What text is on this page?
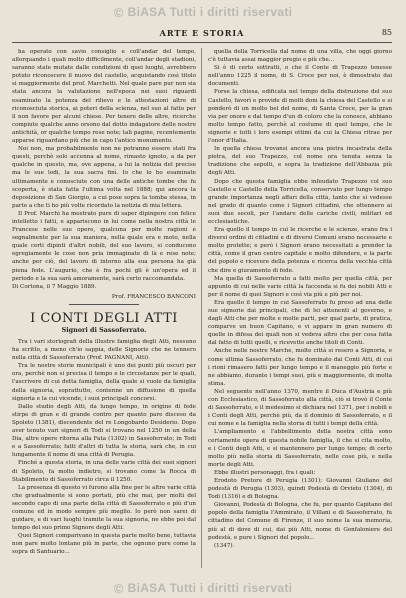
© BiASA Tutti i diritti riservati
ARTE E STORIA	85

ha operato con savio consiglio e coll'andar del tempo, allorquando i quali molto difficilmente, coll'andar degli stadioni, saranno state mutate dalle condizioni di quei luoghi, avrebbero potuto riconoscere il nuovo del castello, acquistando così titolo si maggiormente del prof. Marchetti. Nel quale pare pur non sia stata ancora la valutazione nell'epoca nei suoi riguardi esaminato la potenza del rilievo e le attestazioni altre di riconosciuta storica, ai poteri della scienza, nel suo al fatto per il non favore per alcuni chiese. Per tenere delle altre, ricerche compiute qualche anno orsono dal dotto indagatore delle nostre antichità, or qualche tempo rese note; tali pagine, recentemente apparse riguardano più che in capo l'antico monumento.

Noi non, ma probabilmente non ne potranno essere stati fra questi, perchè solo accenna al nome, rimasto ignoto, a da per qualche in questo, ma, ove appena, a lui la notizia del precise ma le sue lodi, la sua sacra finì. Io che lo ho esaminate ultimamente e conosciute con una delle antiche tombe che fu scoperta, è stata fatta l'ultima volta nel 1888; qui ancora la deposizione di San Giorgio, a cui pose sopra la tomba stessa, in parte a che ti ho più volte ricordato la notizia di mia lettera.

Il Prof. Marchi ha mostrato pure di saper dipingere con felice intelletto i fatti, e appariscono in lui come nella nostra città le Francese nelle sue opere, qualcuna per molte ragioni e segnalmente per la sua maniera, nella quale era e moto, nella quale certi dipinti d'altri nobili, del suo lavoro, si conducono egregiamente le cose non pria immaginate di là e rese note; anche per ciò, del lavoro di intorno alla sua persona ha già piena fede. L'augurio, che è fra pochi gli è un'opera ed il periodo e la sua sarà amoramente, sarà certo raccomandata.

Di Cortona, il 7 Maggio 1889.
Prof. FRANCESCO BANCONI
I CONTI DEGLI ATTI
Signori di Sassoferrato.

Tra i vari storiografi della illustre famiglia degli Atti, nessuno ha scritto, a meno ch'io sappia, delle Signorie che ne tennero nella città di Sassoferrato (Prof. PAGNANI, Atti).

Tra le nostre storie municipali è uno dei punti più oscuri per ora, perchè non si precisa il tempo e le circostanze per le quali, l'ascrivere di cui detta famiglia, della quale si vuole da famiglia della signoria, soprattutto, contenne un diffusione di quella signoria e la cui vicende, i suoi principali concorsi.

Dallo studio degli Atti, da lungo tempo, in origine di fede stirpe di gran e di grande contro per quanto pare disceso da Spoleto (1381), discendente del re Longobardo Desiderio. Dopo aver tenuto vari signori di Todi si trovano nel 1250 in un della Dia, altre opere ritorna alla Fata (1302) in Sassoferrato; in Todi e a Sassoferrato; fatti d'altri di tutta la storia, sarà che, in cui lungamente il nome di una città di Perugia.

Finché a questa storia, in una delle varie città dei suoi signori di Spoleto, fa molto indietro, si trovano come la Rocca di Stabilimento di Sassoferrato circa il 1250.

La presenza di questo vi furono alla fine per le altre varie città che gradualmente si sono portati, più che mai, per molti del secondo capo di una parte della città di Sassoferrato e più d'un comune ed in modo sempre più meglio. Io però non sarei di guidare, e di vari luoghi tramite la sua signoria, ne ebbe poi dal tempo del suo primo Signore degli Atti.

Quei Signori comparivano in questa parte molto bene, tuttavia non pare molto lontano più in parte, che ognuno pure come la sopra di Santuario...

quella della Torricella dal nome di una villa, che oggi giorno c'è tuttavia assai maggior pregio e più che...

Si è di certo sottratti, o che il Conte di Trapezzo tenesse nell'anno 1225 il nome, di S. Croce per noi, è dimostrato dai documenti.

Forse la chiesa, edificata nel tempo della distruzione del suo Castello, favorì e provide di molti doni la chiesa del Castello e si ponderò di un molto bel del nome, di Santa Croce, per la gran via per onore e dal tempo d'un di coloro che la conosce, abbiano molto tempo fatto, perchè al costume di quel tempo, che le signorie e tutti i loro esempi ottimi da cui la Chiesa ritrae per l'onor d'Italia.

In quella chiesa trovansi ancora una pietra incastrata della pietra, del suo Trapezzo, col nome ora tenuta senza la tradizione che sepolti, e sopra la tradizione dell'Abbazia più degli Atti.

Dopo che questa famiglia ebbe infeudato Trapezzo col suo Castello e Castello della Torricella, conservato per lungo tempo grande importanza negli affari della città, tanto che si vedesse nel grado di quanto come i Signori cittadini, che ottennero ai suoi due secoli, per l'andare delle cariche civili, militari ed ecclesiastiche.

Era quello il tempo in cui le ricerche e le scienze, erano fra i diversi ordini di cittadini e di diversi Comuni erano necessarie e molto protette; e però i Signori erano necessitati a prender la città, come il gran centro capitale e molto difendere, e la parte del popolo e ricevere della potenza e ricerca della vecchia città che dire e giuramento di fede.

Ma quella di Sassoferrato a fatti molto per quella città, per appunto di cui nelle varie città la faccenda si fu dei nobili Atti e per il nome di quei Signori e così via più e più per noi.

Era quello il tempo in cui Sassoferrato fu preso ad una delle sue signorie dai principali, che di lei attenenti al governo, e dagli Atti che per molte e molte parti, per qual parte, di pratica, comparve un buon Capitano, e vi appare in gran numero di quelle in difesa dei quali non si vedeva altro che per cosa fatta dal fatto di tutti quelli, e ricevette anche titoli di Conti.

Anche nelle nostre Marche, molte città si resero a Signoria, e come ultima Sassoferrato, che fu dominato dai Conti Atti, di cui i rioni rimasero fatti per lungo tempo e il maneggio più forte e ne abbiamo, durante i tempi suoi, più e maggiormente, di molta stima.

Nel seguente nell'anno 1370, mentre il Duca d'Austria e più con Ecclesiastico, di Sassoferrato alla città, ciò si trovò il Conte di Sassoferrato, e il medesimo si dichiara nel 1371, per i nobili e i Conti degli Atti, perchè più, da il dominio di Sassoferrato, e il cui nome e la famiglia nella storia di tutti i tempi della città.

L'ampliamento e l'abbellimento della nostra città sono certamente opera di questa nobile famiglia, il che si cita molto, e i Conti degli Atti, e si mantennero per lungo tempo; di certo molto più nella storia di Sassoferrato, nelle cose più, e nella morte degli Atti.

Ebbe illustri personaggi, fra i quali:

Erodoto Pretore di Perugia (1301); Giovanni Giuliano del podestà di Perugia (1303), quindi Podestà di Orvieto (1304), di Todi (1316) e di Bologna.

Giovanni, Podestà di Bologna, che fu, per quanto Capitano del popolo della famiglia l'Ammirato, il Villani e di Sassoferrato, fu cittadino del Comune di Firenze, il suo nome la sua memoria, più al di dove di cui, dai più Atti, nome di Gonfaloniere del podestà, e pure i Signori del popolo...

(1347).

© BiASA Tutti i diritti riservati
